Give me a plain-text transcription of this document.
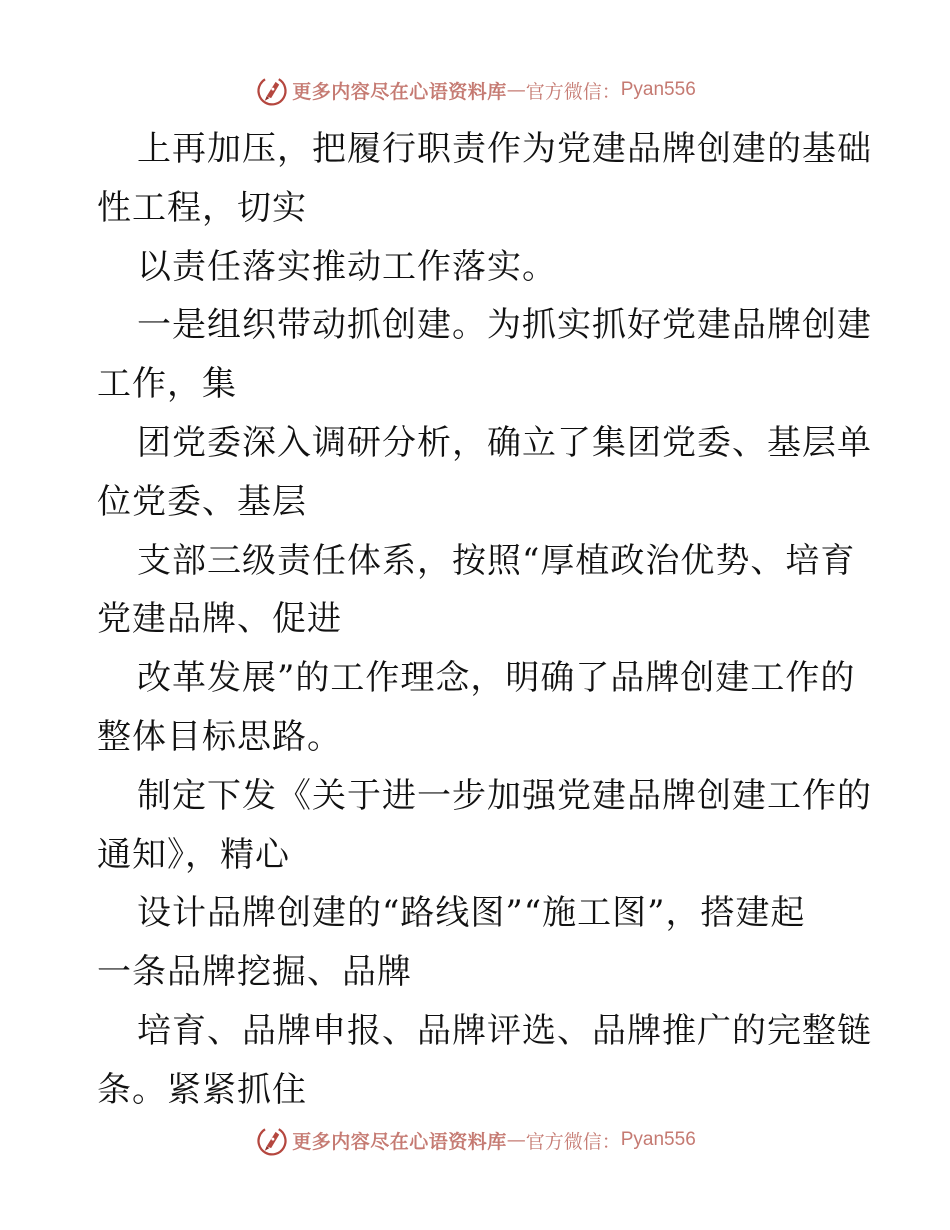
更多内容尽在心语资料库 — 官方微信： Pyan556
上再加压，把履行职责作为党建品牌创建的基础
性工程，切实
以责任落实推动工作落实。
一是组织带动抓创建。为抓实抓好党建品牌创建
工作，集
团党委深入调研分析，确立了集团党委、基层单
位党委、基层
支部三级责任体系，按照“厚植政治优势、培育
党建品牌、促进
改革发展”的工作理念，明确了品牌创建工作的
整体目标思路。
制定下发《关于进一步加强党建品牌创建工作的
通知》，精心
设计品牌创建的“路线图”“施工图”，搭建起
一条品牌挖掘、品牌
培育、品牌申报、品牌评选、品牌推广的完整链
条。紧紧抓住
更多内容尽在心语资料库 — 官方微信： Pyan556
